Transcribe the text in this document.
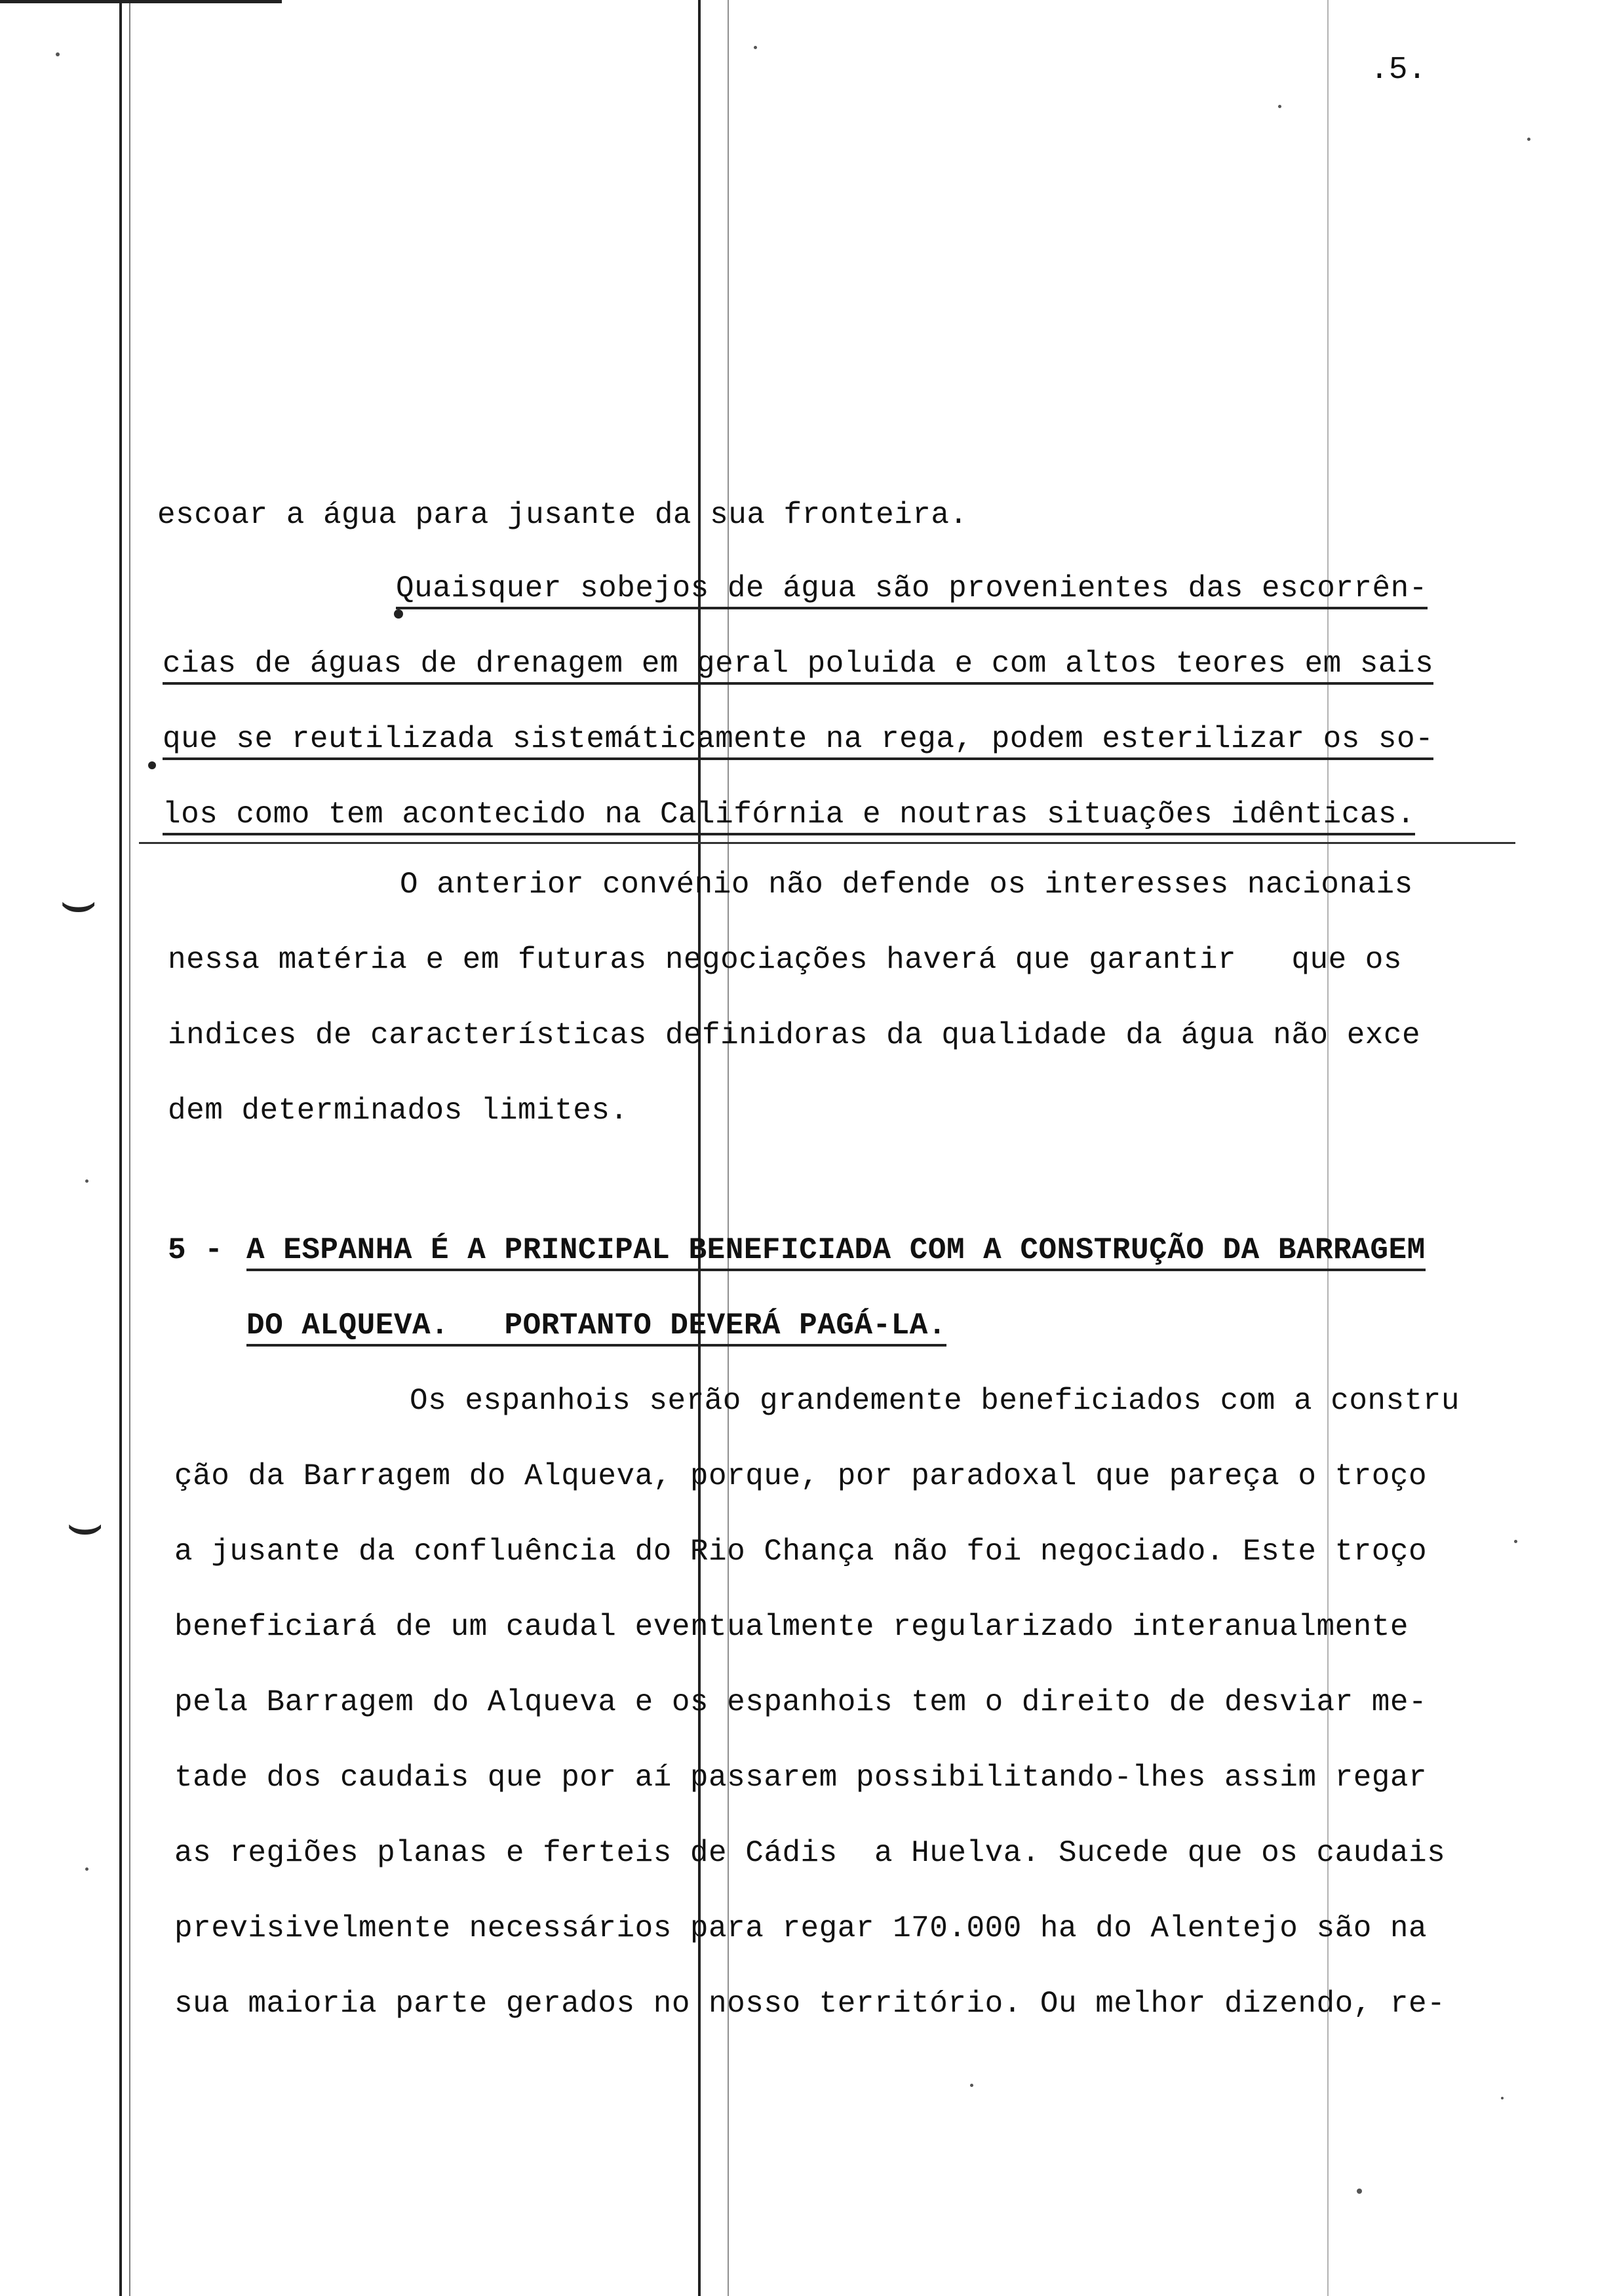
⌣
⌣
.5.
escoar a água para jusante da sua fronteira.
Quaisquer sobejos de água são provenientes das escorrên-
cias de águas de drenagem em geral poluida e com altos teores em sais
que se reutilizada sistemáticamente na rega, podem esterilizar os so-
los como tem acontecido na Califórnia e noutras situações idênticas.
O anterior convénio não defende os interesses nacionais
nessa matéria e em futuras negociações haverá que garantir   que os
indices de características definidoras da qualidade da água não exce
dem determinados limites.
5 - A ESPANHA É A PRINCIPAL BENEFICIADA COM A CONSTRUÇÃO DA BARRAGEM
DO ALQUEVA.   PORTANTO DEVERÁ PAGÁ-LA.
Os espanhois serão grandemente beneficiados com a constru
ção da Barragem do Alqueva, porque, por paradoxal que pareça o troço
a jusante da confluência do Rio Chança não foi negociado. Este troço
beneficiará de um caudal eventualmente regularizado interanualmente
pela Barragem do Alqueva e os espanhois tem o direito de desviar me-
tade dos caudais que por aí passarem possibilitando-lhes assim regar
as regiões planas e ferteis de Cádis  a Huelva. Sucede que os caudais
previsivelmente necessários para regar 170.000 ha do Alentejo são na
sua maioria parte gerados no nosso território. Ou melhor dizendo, re-
